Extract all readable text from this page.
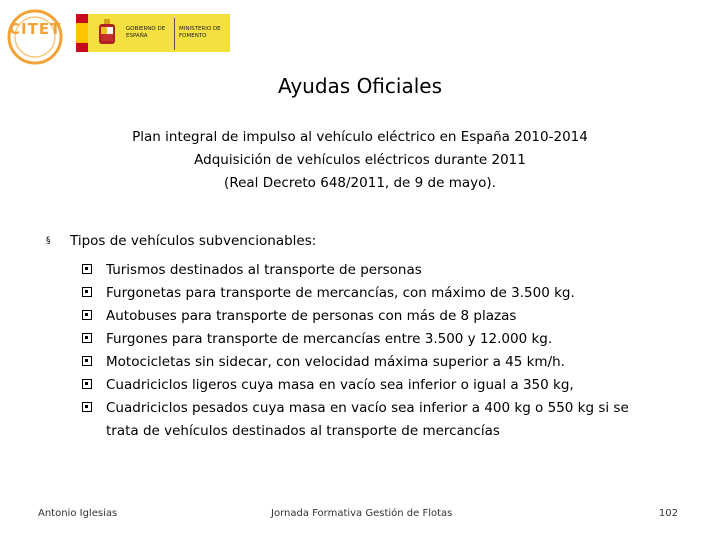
CITET	GOBIERNO DE ESPAÑA
MINISTERIO DE FOMENTO
Ayudas Oficiales
Plan integral de impulso al vehículo eléctrico en España 2010-2014
Adquisición de vehículos eléctricos durante 2011
(Real Decreto 648/2011, de 9 de mayo).
§ Tipos de vehículos subvencionables:
Turismos destinados al transporte de personas
Furgonetas para transporte de mercancías, con máximo de 3.500 kg.
Autobuses para transporte de personas con más de 8 plazas
Furgones para transporte de mercancías entre 3.500 y 12.000 kg.
Motocicletas sin sidecar, con velocidad máxima superior a 45 km/h.
Cuadriciclos ligeros cuya masa en vacío sea inferior o igual a 350 kg,
Cuadriciclos pesados cuya masa en vacío sea inferior a 400 kg o 550 kg si se
trata de vehículos destinados al transporte de mercancías
Antonio Iglesias	Jornada Formativa Gestión de Flotas	102
